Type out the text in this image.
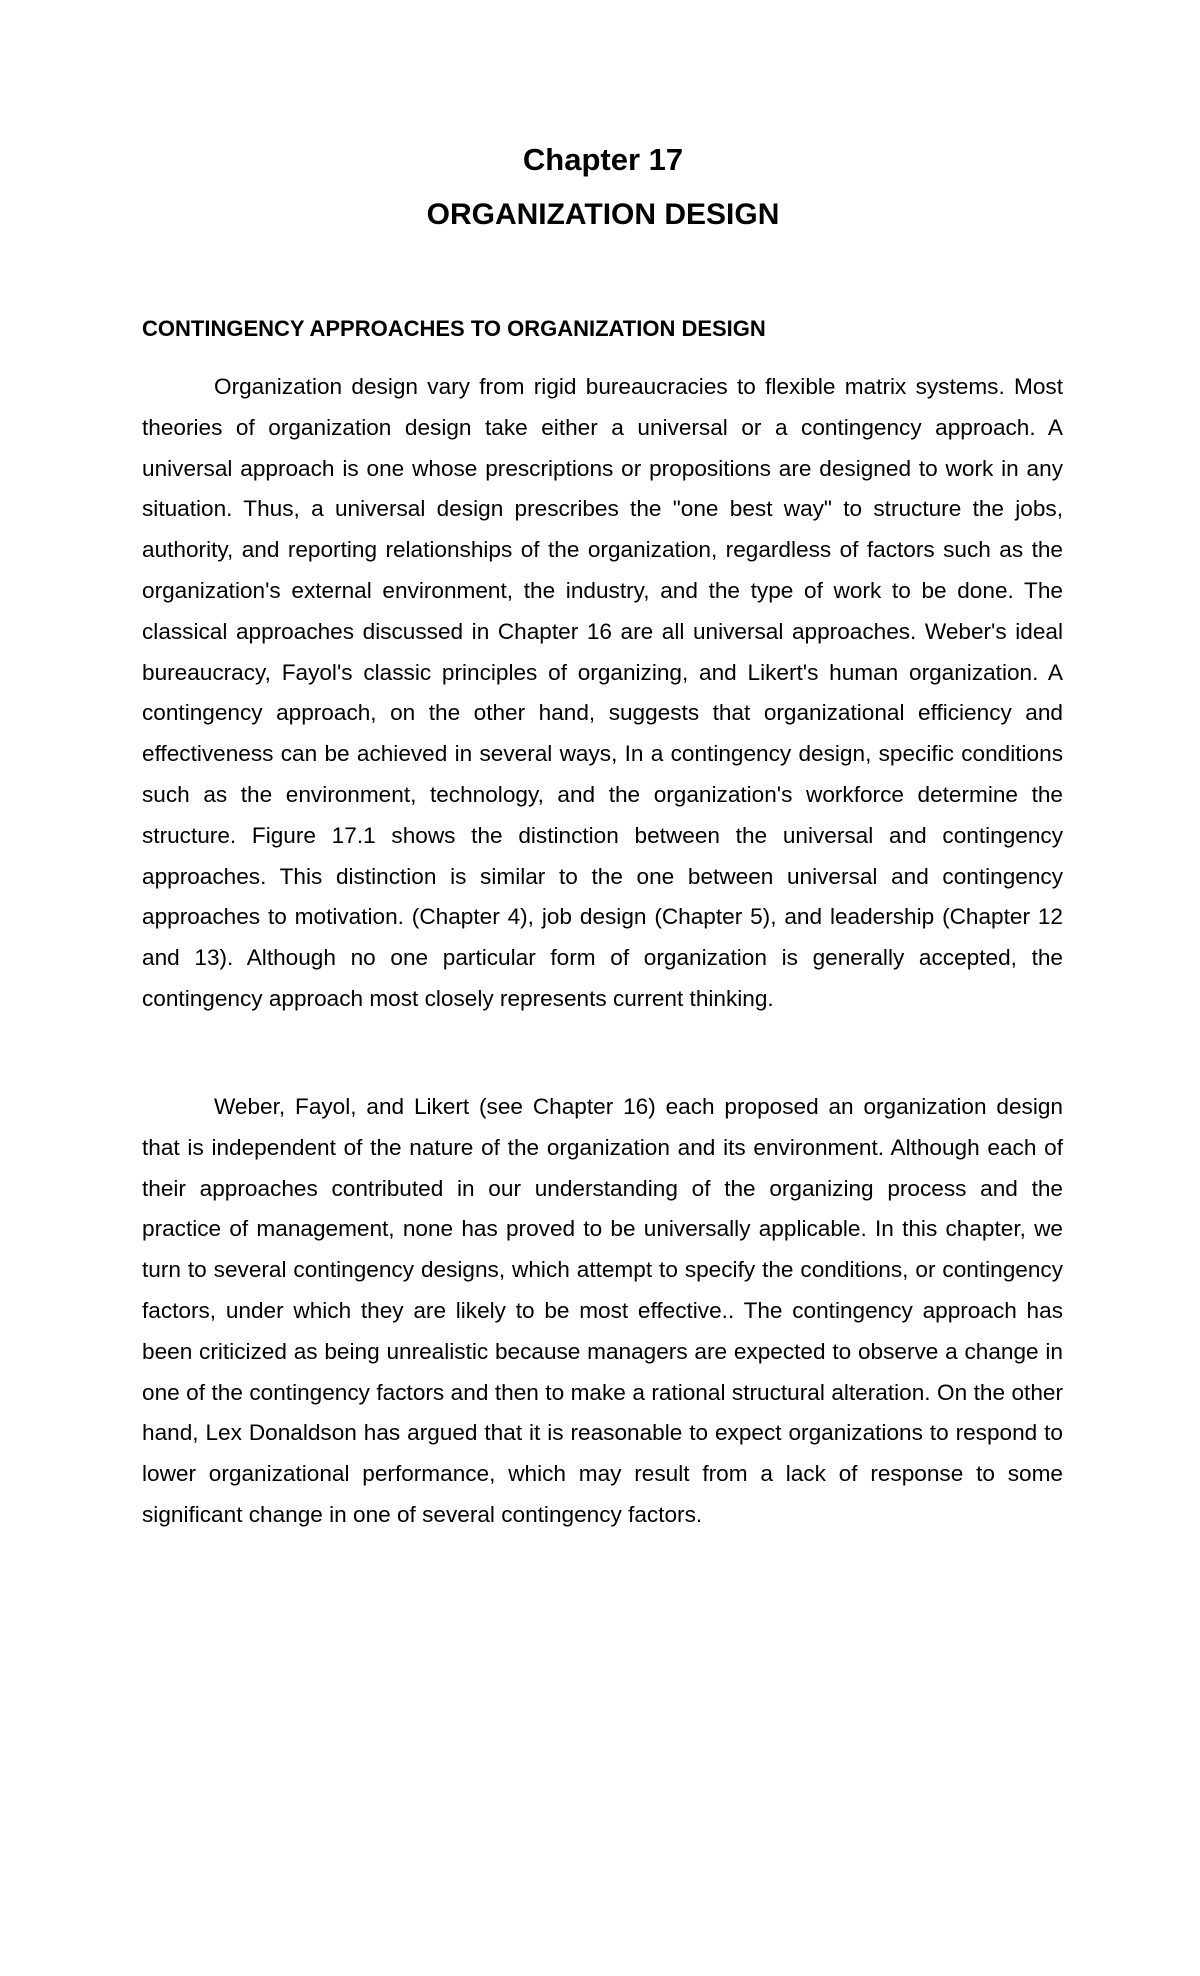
Chapter 17
ORGANIZATION DESIGN
CONTINGENCY APPROACHES TO ORGANIZATION DESIGN

Organization design vary from rigid bureaucracies to flexible matrix systems. Most theories of organization design take either a universal or a contingency approach. A universal approach is one whose prescriptions or propositions are designed to work in any situation. Thus, a universal design prescribes the "one best way" to structure the jobs, authority, and reporting relationships of the organization, regardless of factors such as the organization's external environment, the industry, and the type of work to be done. The classical approaches discussed in Chapter 16 are all universal approaches. Weber's ideal bureaucracy, Fayol's classic principles of organizing, and Likert's human organization. A contingency approach, on the other hand, suggests that organizational efficiency and effectiveness can be achieved in several ways, In a contingency design, specific conditions such as the environment, technology, and the organization's workforce determine the structure. Figure 17.1 shows the distinction between the universal and contingency approaches. This distinction is similar to the one between universal and contingency approaches to motivation. (Chapter 4), job design (Chapter 5), and leadership (Chapter 12 and 13). Although no one particular form of organization is generally accepted, the contingency approach most closely represents current thinking.

Weber, Fayol, and Likert (see Chapter 16) each proposed an organization design that is independent of the nature of the organization and its environment. Although each of their approaches contributed in our understanding of the organizing process and the practice of management, none has proved to be universally applicable. In this chapter, we turn to several contingency designs, which attempt to specify the conditions, or contingency factors, under which they are likely to be most effective.. The contingency approach has been criticized as being unrealistic because managers are expected to observe a change in one of the contingency factors and then to make a rational structural alteration. On the other hand, Lex Donaldson has argued that it is reasonable to expect organizations to respond to lower organizational performance, which may result from a lack of response to some significant change in one of several contingency factors.
